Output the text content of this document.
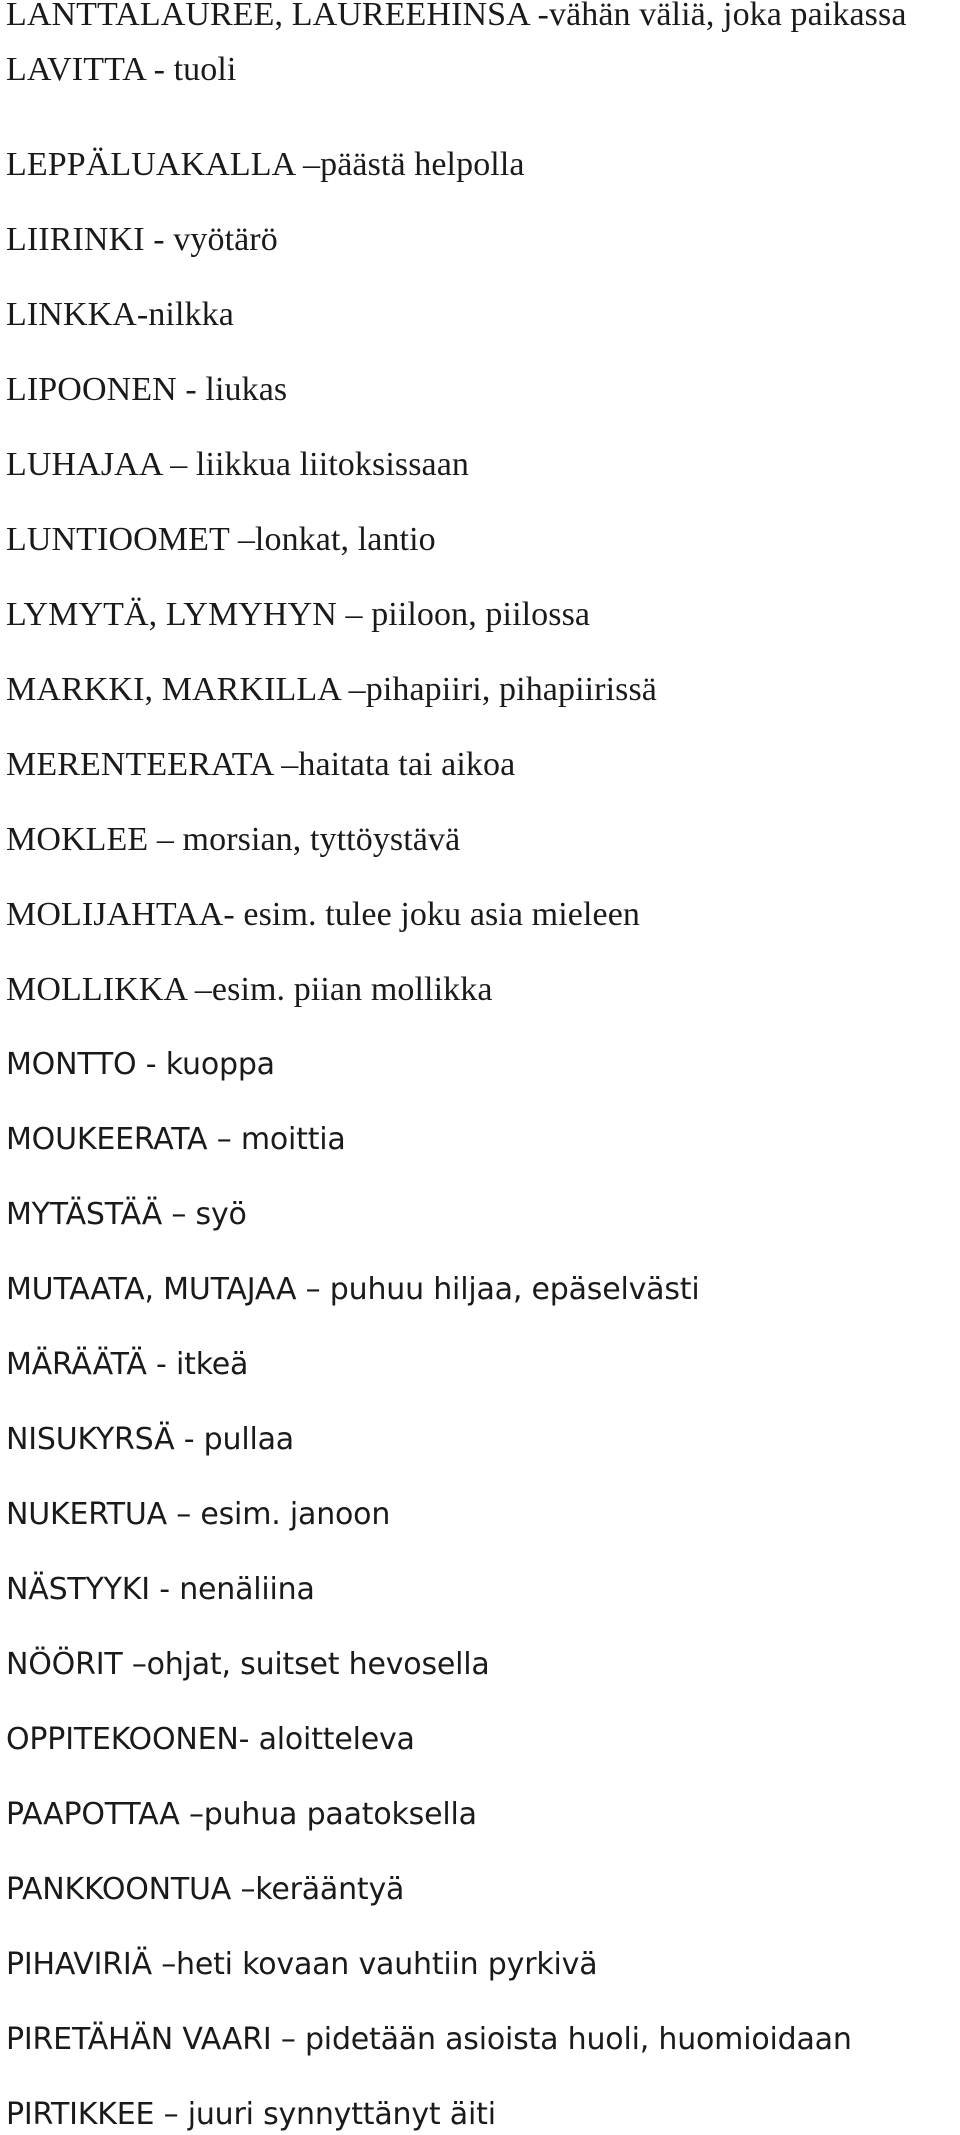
LANTTALAUREE, LAUREEHINSA -vähän väliä, joka paikassa
LAVITTA - tuoli
LEPPÄLUAKALLA –päästä helpolla
LIIRINKI - vyötärö
LINKKA-nilkka
LIPOONEN - liukas
LUHAJAA – liikkua liitoksissaan
LUNTIOOMET –lonkat, lantio
LYMYTÄ, LYMYHYN – piiloon, piilossa
MARKKI, MARKILLA –pihapiiri, pihapiirissä
MERENTEERATA –haitata tai aikoa
MOKLEE – morsian, tyttöystävä
MOLIJAHTAA- esim. tulee joku asia mieleen
MOLLIKKA –esim. piian mollikka
MONTTO - kuoppa
MOUKEERATA – moittia
MYTÄSTÄÄ – syö
MUTAATA, MUTAJAA – puhuu hiljaa, epäselvästi
MÄRÄÄTÄ - itkeä
NISUKYRSÄ - pullaa
NUKERTUA – esim. janoon
NÄSTYYKI - nenäliina
NÖÖRIT –ohjat, suitset hevosella
OPPITEKOONEN- aloitteleva
PAAPOTTAA –puhua paatoksella
PANKKOONTUA –kerääntyä
PIHAVIRIÄ –heti kovaan vauhtiin pyrkivä
PIRETÄHÄN VAARI – pidetään asioista huoli, huomioidaan
PIRTIKKEE – juuri synnyttänyt äiti
